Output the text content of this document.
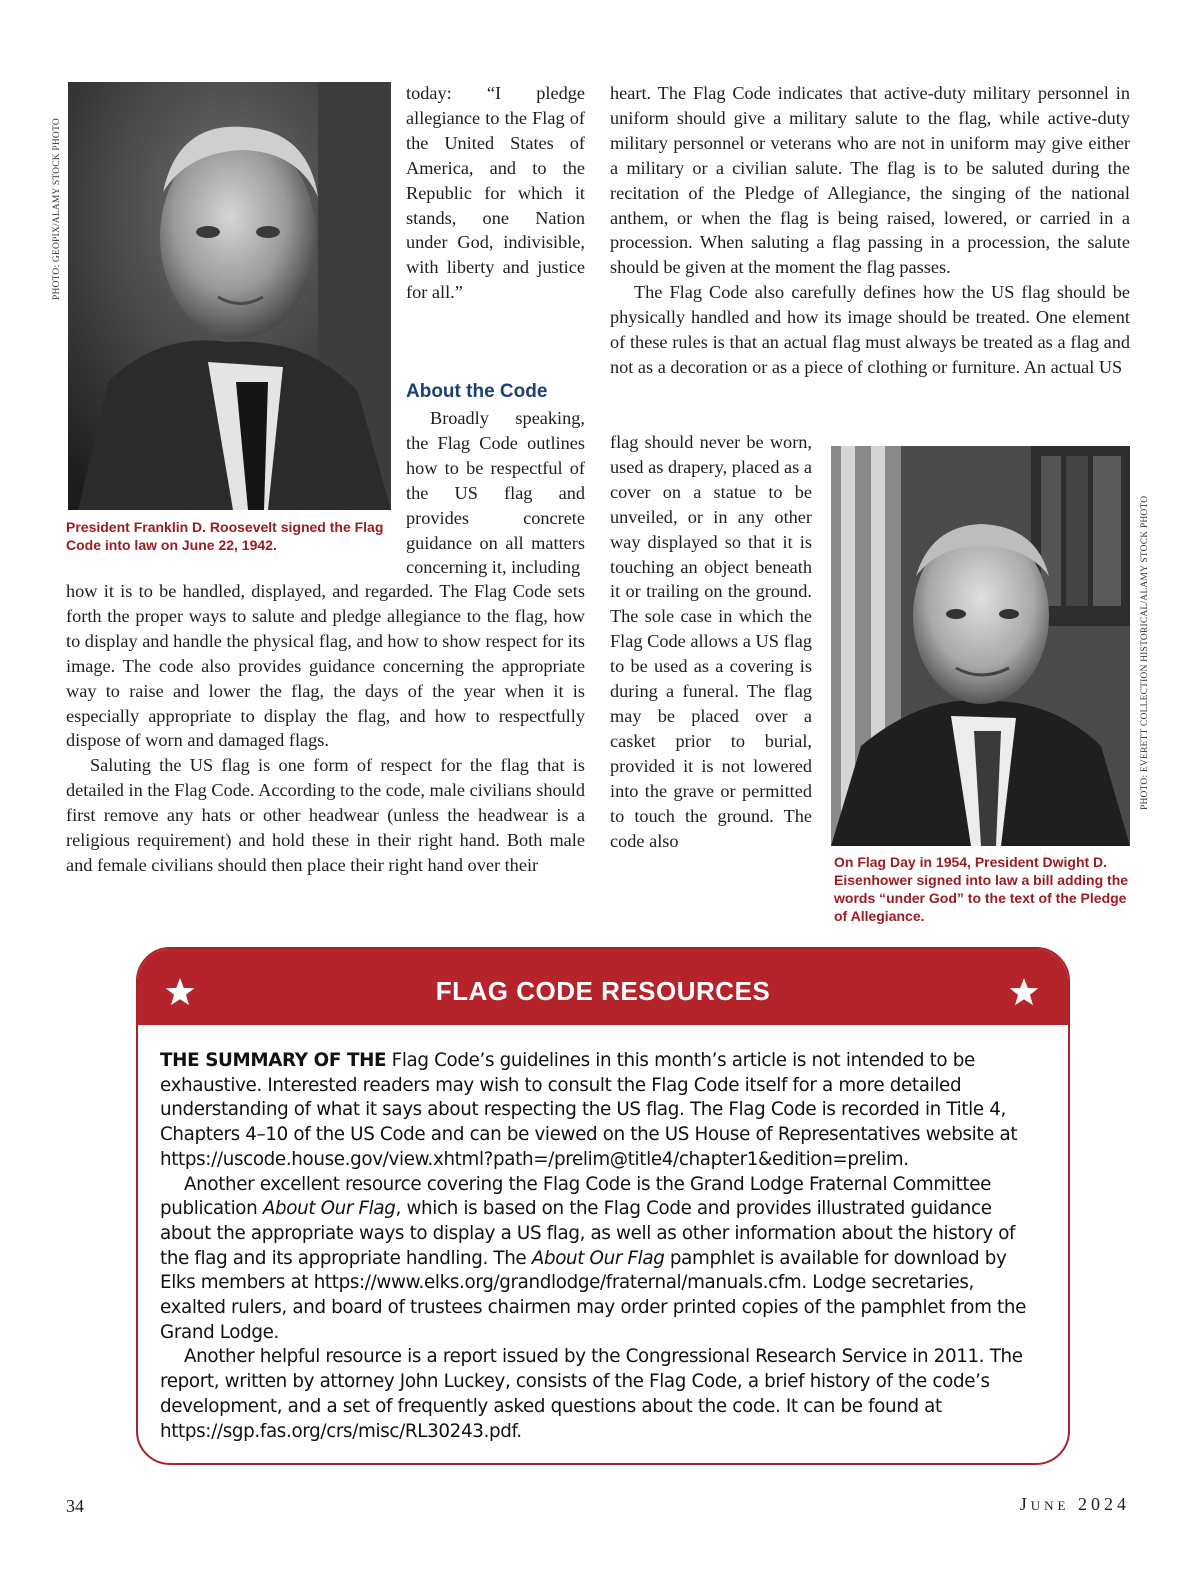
PHOTO: GEOPIX/ALAMY STOCK PHOTO
PHOTO: EVERETT COLLECTION HISTORICAL/ALAMY STOCK PHOTO
President Franklin D. Roosevelt signed the Flag Code into law on June 22, 1942.
On Flag Day in 1954, President Dwight D. Eisenhower signed into law a bill adding the words “under God” to the text of the Pledge of Allegiance.

today: “I pledge allegiance to the Flag of the United States of America, and to the Republic for which it stands, one Nation under God, indivisible, with liberty and justice for all.”

About the Code

Broadly speaking, the Flag Code outlines how to be respectful of the US flag and provides concrete guidance on all matters concerning it, including

how it is to be handled, displayed, and regarded. The Flag Code sets forth the proper ways to salute and pledge allegiance to the flag, how to display and handle the physical flag, and how to show respect for its image. The code also provides guidance concerning the appropriate way to raise and lower the flag, the days of the year when it is especially appropriate to display the flag, and how to respectfully dispose of worn and damaged flags.

Saluting the US flag is one form of respect for the flag that is detailed in the Flag Code. According to the code, male civilians should first remove any hats or other headwear (unless the headwear is a religious requirement) and hold these in their right hand. Both male and female civilians should then place their right hand over their

heart. The Flag Code indicates that active-duty military personnel in uniform should give a military salute to the flag, while active-duty military personnel or veterans who are not in uniform may give either a military or a civilian salute. The flag is to be saluted during the recitation of the Pledge of Allegiance, the singing of the national anthem, or when the flag is being raised, lowered, or carried in a procession. When saluting a flag passing in a procession, the salute should be given at the moment the flag passes.

The Flag Code also carefully defines how the US flag should be physically handled and how its image should be treated. One element of these rules is that an actual flag must always be treated as a flag and not as a decoration or as a piece of clothing or furniture. An actual US

flag should never be worn, used as drapery, placed as a cover on a statue to be unveiled, or in any other way displayed so that it is touching an object beneath it or trailing on the ground. The sole case in which the Flag Code allows a US flag to be used as a covering is during a funeral. The flag may be placed over a casket prior to burial, provided it is not lowered into the grave or permitted to touch the ground. The code also

FLAG CODE RESOURCES

THE SUMMARY OF THE Flag Code’s guidelines in this month’s article is not intended to be exhaustive. Interested readers may wish to consult the Flag Code itself for a more detailed understanding of what it says about respecting the US flag. The Flag Code is recorded in Title 4, Chapters 4–10 of the US Code and can be viewed on the US House of Representatives website at https://uscode.house.gov/view.xhtml?path=/prelim@title4/chapter1&edition=prelim.

Another excellent resource covering the Flag Code is the Grand Lodge Fraternal Committee publication About Our Flag, which is based on the Flag Code and provides illustrated guidance about the appropriate ways to display a US flag, as well as other information about the history of the flag and its appropriate handling. The About Our Flag pamphlet is available for download by Elks members at https://www.elks.org/grandlodge/fraternal/manuals.cfm. Lodge secretaries, exalted rulers, and board of trustees chairmen may order printed copies of the pamphlet from the Grand Lodge.

Another helpful resource is a report issued by the Congressional Research Service in 2011. The report, written by attorney John Luckey, consists of the Flag Code, a brief history of the code’s development, and a set of frequently asked questions about the code. It can be found at https://sgp.fas.org/crs/misc/RL30243.pdf.

34	June 2024
